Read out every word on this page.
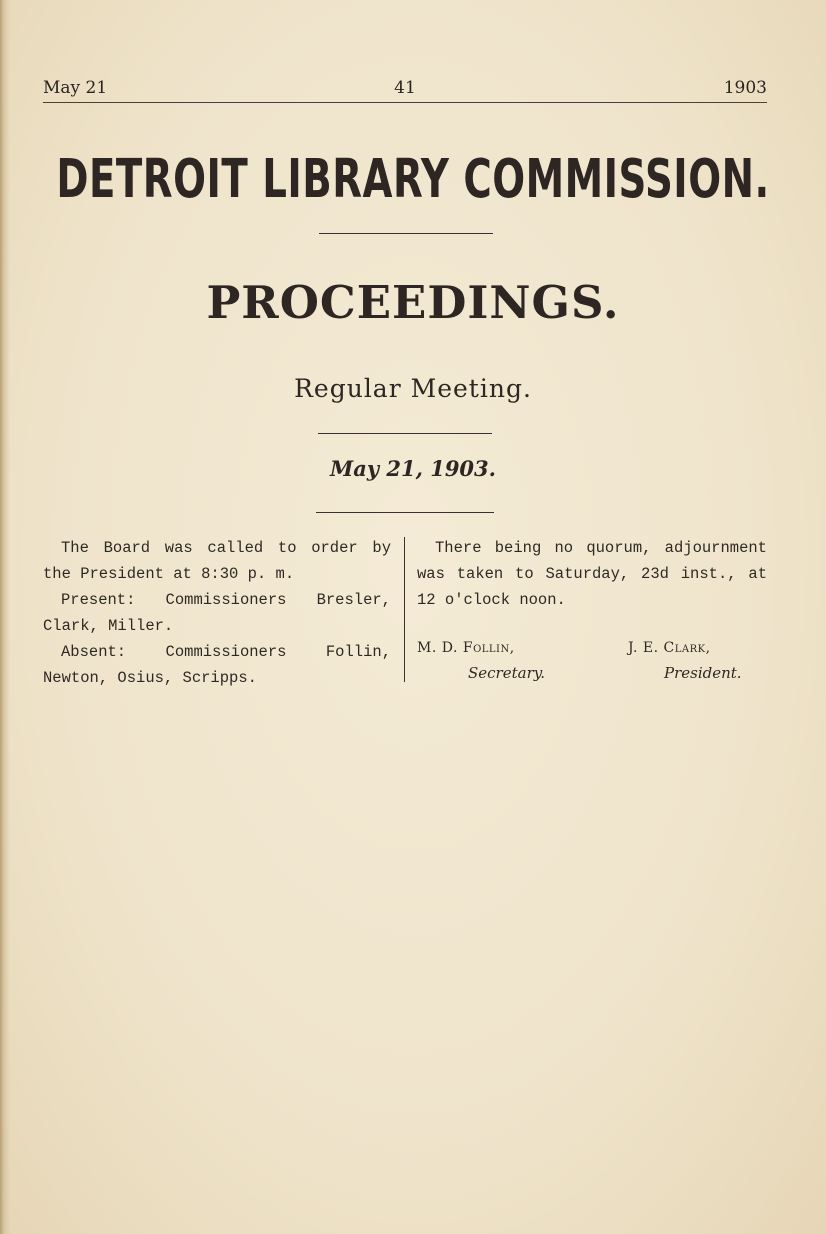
May 21	41	1903
DETROIT LIBRARY COMMISSION.
PROCEEDINGS.
Regular Meeting.
May 21, 1903.

The Board was called to order by the President at 8:30 p. m.

Present: Commissioners Bresler, Clark, Miller.

Absent: Commissioners Follin, Newton, Osius, Scripps.

There being no quorum, adjournment was taken to Saturday, 23d inst., at 12 o'clock noon.

M. D. Follin,
Secretary.
J. E. Clark,
President.
